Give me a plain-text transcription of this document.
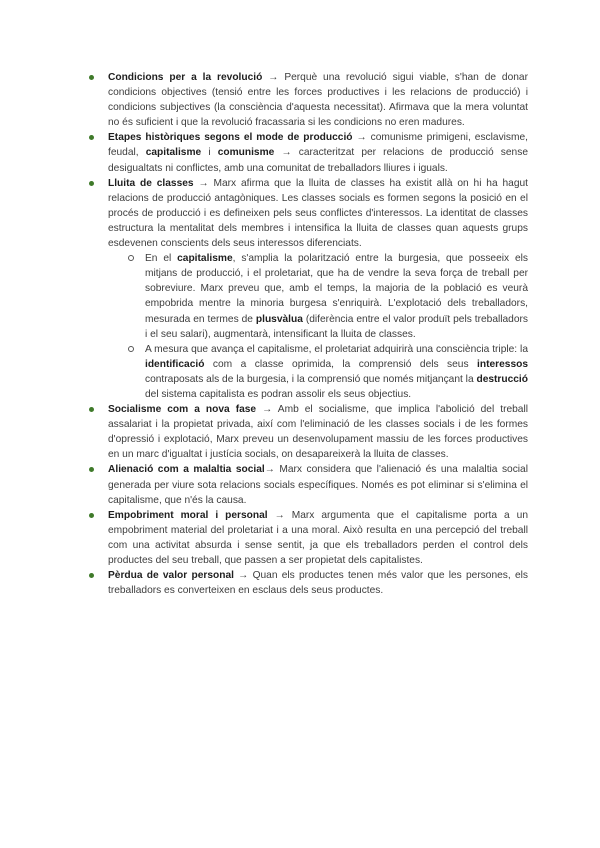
Condicions per a la revolució → Perquè una revolució sigui viable, s'han de donar condicions objectives (tensió entre les forces productives i les relacions de producció) i condicions subjectives (la consciència d'aquesta necessitat). Afirmava que la mera voluntat no és suficient i que la revolució fracassaria si les condicions no eren madures.
Etapes històriques segons el mode de producció → comunisme primigeni, esclavisme, feudal, capitalisme i comunisme → caracteritzat per relacions de producció sense desigualtats ni conflictes, amb una comunitat de treballadors lliures i iguals.
Lluita de classes → Marx afirma que la lluita de classes ha existit allà on hi ha hagut relacions de producció antagòniques. Les classes socials es formen segons la posició en el procés de producció i es defineixen pels seus conflictes d'interessos. La identitat de classes estructura la mentalitat dels membres i intensifica la lluita de classes quan aquests grups esdevenen conscients dels seus interessos diferenciats.
En el capitalisme, s'amplia la polarització entre la burgesia, que posseeix els mitjans de producció, i el proletariat, que ha de vendre la seva força de treball per sobreviure. Marx preveu que, amb el temps, la majoria de la població es veurà empobrida mentre la minoria burgesa s'enriquirà. L'explotació dels treballadors, mesurada en termes de plusvàlua (diferència entre el valor produït pels treballadors i el seu salari), augmentarà, intensificant la lluita de classes.
A mesura que avança el capitalisme, el proletariat adquirirà una consciència triple: la identificació com a classe oprimida, la comprensió dels seus interessos contraposats als de la burgesia, i la comprensió que només mitjançant la destrucció del sistema capitalista es podran assolir els seus objectius.
Socialisme com a nova fase → Amb el socialisme, que implica l'abolició del treball assalariat i la propietat privada, així com l'eliminació de les classes socials i de les formes d'opressió i explotació, Marx preveu un desenvolupament massiu de les forces productives en un marc d'igualtat i justícia socials, on desapareixerà la lluita de classes.
Alienació com a malaltia social→ Marx considera que l'alienació és una malaltia social generada per viure sota relacions socials específiques. Només es pot eliminar si s'elimina el capitalisme, que n'és la causa.
Empobriment moral i personal → Marx argumenta que el capitalisme porta a un empobriment material del proletariat i a una moral. Això resulta en una percepció del treball com una activitat absurda i sense sentit, ja que els treballadors perden el control dels productes del seu treball, que passen a ser propietat dels capitalistes.
Pèrdua de valor personal → Quan els productes tenen més valor que les persones, els treballadors es converteixen en esclaus dels seus productes.
